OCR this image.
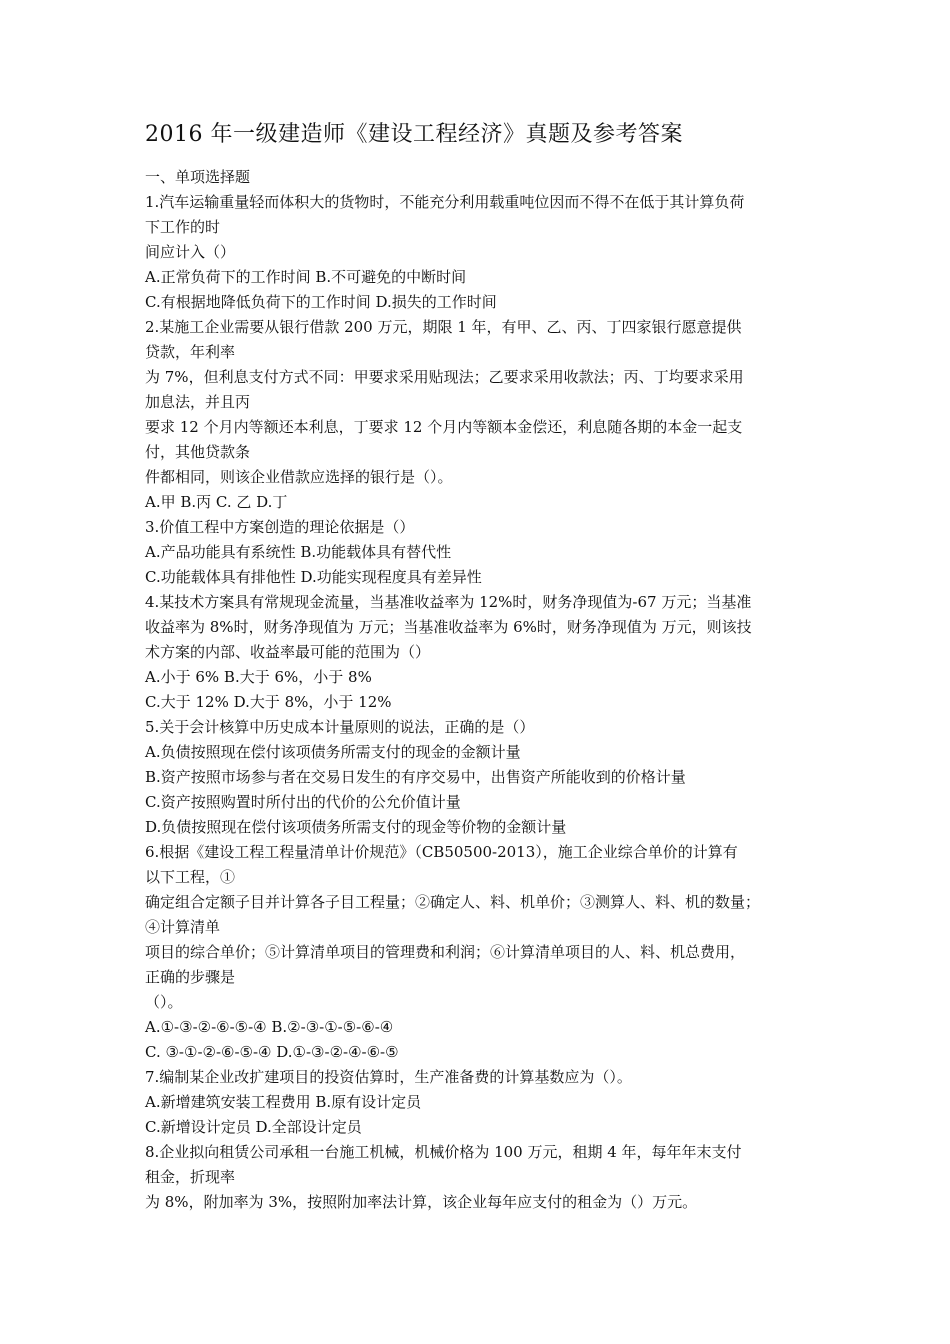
2016 年一级建造师《建设工程经济》真题及参考答案
一、单项选择题
1.汽车运输重量轻而体积大的货物时，不能充分利用载重吨位因而不得不在低于其计算负荷
下工作的时
间应计入（）
A.正常负荷下的工作时间 B.不可避免的中断时间
C.有根据地降低负荷下的工作时间 D.损失的工作时间
2.某施工企业需要从银行借款 200 万元，期限 1 年，有甲、乙、丙、丁四家银行愿意提供
贷款，年利率
为 7%，但利息支付方式不同：甲要求采用贴现法；乙要求采用收款法；丙、丁均要求采用
加息法，并且丙
要求 12 个月内等额还本利息，丁要求 12 个月内等额本金偿还，利息随各期的本金一起支
付，其他贷款条
件都相同，则该企业借款应选择的银行是（）。
A.甲 B.丙 C. 乙 D.丁
3.价值工程中方案创造的理论依据是（）
A.产品功能具有系统性 B.功能载体具有替代性
C.功能载体具有排他性 D.功能实现程度具有差异性
4.某技术方案具有常规现金流量，当基准收益率为 12%时，财务净现值为-67 万元；当基准
收益率为 8%时，财务净现值为 万元；当基准收益率为 6%时，财务净现值为 万元，则该技
术方案的内部、收益率最可能的范围为（）
A.小于 6% B.大于 6%，小于 8%
C.大于 12% D.大于 8%，小于 12%
5.关于会计核算中历史成本计量原则的说法，正确的是（）
A.负债按照现在偿付该项债务所需支付的现金的金额计量
B.资产按照市场参与者在交易日发生的有序交易中，出售资产所能收到的价格计量
C.资产按照购置时所付出的代价的公允价值计量
D.负债按照现在偿付该项债务所需支付的现金等价物的金额计量
6.根据《建设工程工程量清单计价规范》（CB50500-2013），施工企业综合单价的计算有
以下工程，①
确定组合定额子目并计算各子目工程量；②确定人、料、机单价；③测算人、料、机的数量；
④计算清单
项目的综合单价；⑤计算清单项目的管理费和利润；⑥计算清单项目的人、料、机总费用，
正确的步骤是
（）。
A.①-③-②-⑥-⑤-④ B.②-③-①-⑤-⑥-④
C. ③-①-②-⑥-⑤-④ D.①-③-②-④-⑥-⑤
7.编制某企业改扩建项目的投资估算时，生产准备费的计算基数应为（）。
A.新增建筑安装工程费用 B.原有设计定员
C.新增设计定员 D.全部设计定员
8.企业拟向租赁公司承租一台施工机械，机械价格为 100 万元，租期 4 年，每年年末支付
租金，折现率
为 8%，附加率为 3%，按照附加率法计算，该企业每年应支付的租金为（）万元。
